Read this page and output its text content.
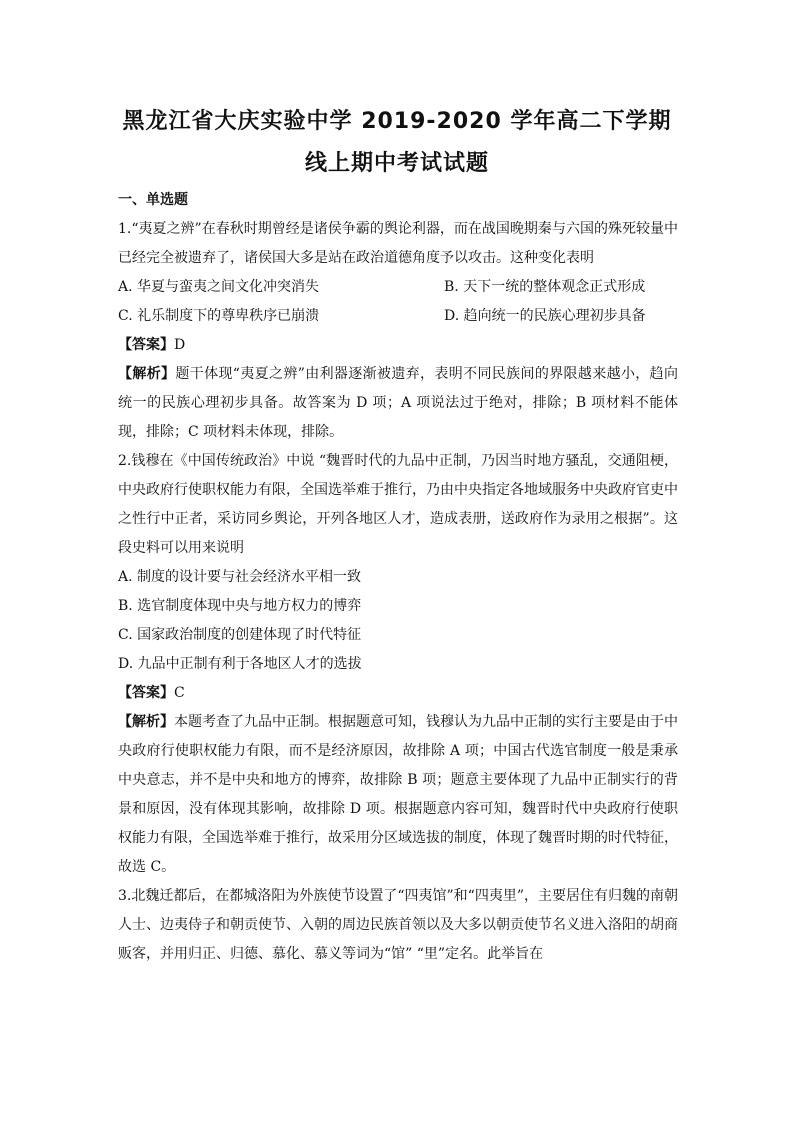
黑龙江省大庆实验中学 2019-2020 学年高二下学期
线上期中考试试题
一、单选题

1.“夷夏之辨”在春秋时期曾经是诸侯争霸的舆论利器，而在战国晚期秦与六国的殊死较量中已经完全被遗弃了，诸侯国大多是站在政治道德角度予以攻击。这种变化表明

A. 华夏与蛮夷之间文化冲突消失	B. 天下一统的整体观念正式形成
C. 礼乐制度下的尊卑秩序已崩溃	D. 趋向统一的民族心理初步具备

【答案】D

【解析】题干体现“夷夏之辨”由利器逐渐被遗弃，表明不同民族间的界限越来越小，趋向统一的民族心理初步具备。故答案为 D 项；A 项说法过于绝对，排除；B 项材料不能体现，排除；C 项材料未体现，排除。

2.钱穆在《中国传统政治》中说 “魏晋时代的九品中正制，乃因当时地方骚乱，交通阻梗，中央政府行使职权能力有限，全国选举难于推行，乃由中央指定各地域服务中央政府官吏中之性行中正者，采访同乡舆论，开列各地区人才，造成表册，送政府作为录用之根据”。这段史料可以用来说明

A. 制度的设计要与社会经济水平相一致

B. 选官制度体现中央与地方权力的博弈

C. 国家政治制度的创建体现了时代特征

D. 九品中正制有利于各地区人才的选拔

【答案】C

【解析】本题考查了九品中正制。根据题意可知，钱穆认为九品中正制的实行主要是由于中央政府行使职权能力有限，而不是经济原因，故排除 A 项；中国古代选官制度一般是秉承中央意志，并不是中央和地方的博弈，故排除 B 项；题意主要体现了九品中正制实行的背景和原因，没有体现其影响，故排除 D 项。根据题意内容可知，魏晋时代中央政府行使职权能力有限，全国选举难于推行，故采用分区域选拔的制度，体现了魏晋时期的时代特征，故选 C。

3.北魏迁都后，在都城洛阳为外族使节设置了“四夷馆”和“四夷里”，主要居住有归魏的南朝人士、边夷侍子和朝贡使节、入朝的周边民族首领以及大多以朝贡使节名义进入洛阳的胡商贩客，并用归正、归德、慕化、慕义等词为“馆” “里”定名。此举旨在
